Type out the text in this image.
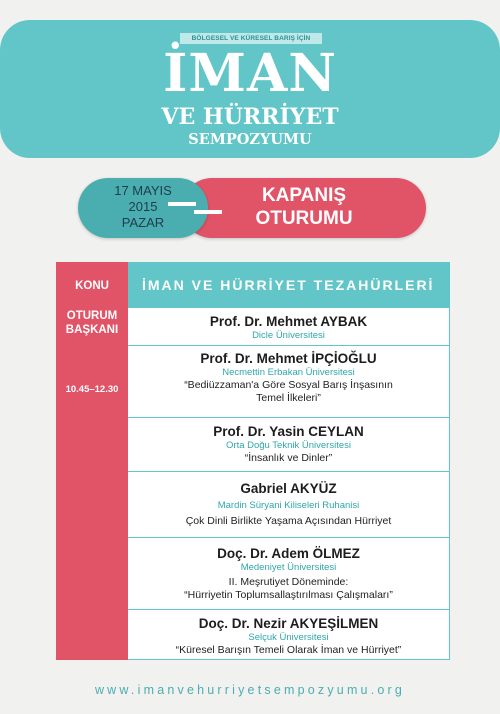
BÖLGESEL VE KÜRESEL BARIŞ İÇİN
İMAN
VE HÜRRİYET
SEMPOZYUMU
KAPANIŞ
OTURUMU
17 MAYIS
2015
PAZAR
KONU
OTURUM
BAŞKANI
10.45–12.30
İMAN VE HÜRRİYET TEZAHÜRLERİ
Prof. Dr. Mehmet AYBAK
Dicle Üniversitesi
Prof. Dr. Mehmet İPÇİOĞLU
Necmettin Erbakan Üniversitesi
“Bediüzzaman'a Göre Sosyal Barış İnşasının
Temel İlkeleri”
Prof. Dr. Yasin CEYLAN
Orta Doğu Teknik Üniversitesi
“İnsanlık ve Dinler”
Gabriel AKYÜZ
Mardin Süryani Kiliseleri Ruhanisi
Çok Dinli Birlikte Yaşama Açısından Hürriyet
Doç. Dr. Adem ÖLMEZ
Medeniyet Üniversitesi
II. Meşrutiyet Döneminde:
“Hürriyetin Toplumsallaştırılması Çalışmaları”
Doç. Dr. Nezir AKYEŞİLMEN
Selçuk Üniversitesi
“Küresel Barışın Temeli Olarak İman ve Hürriyet”
www.imanvehurriyetsempozyumu.org
